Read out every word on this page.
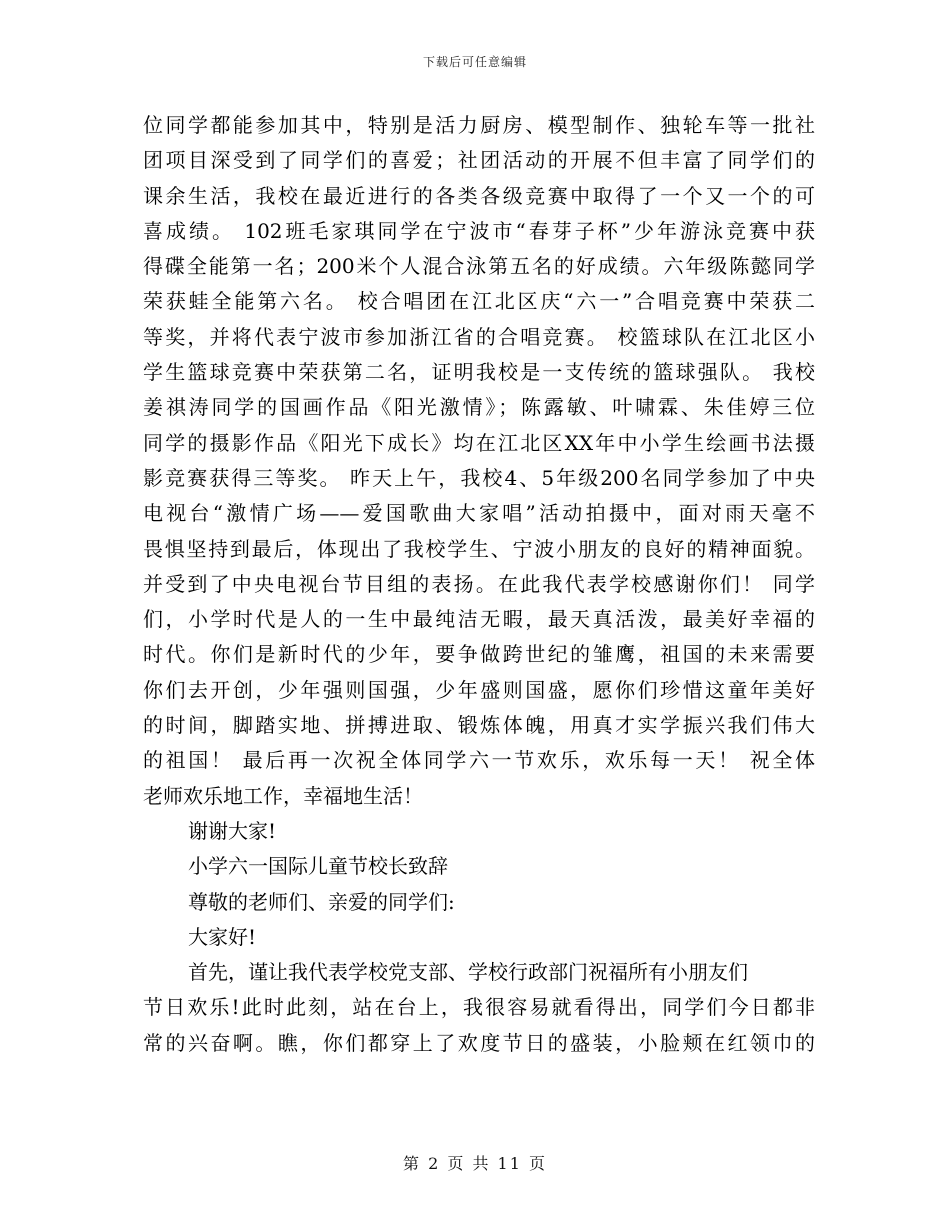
下载后可任意编辑
位同学都能参加其中，特别是活力厨房、模型制作、独轮车等一批社
团项目深受到了同学们的喜爱；社团活动的开展不但丰富了同学们的
课余生活，我校在最近进行的各类各级竞赛中取得了一个又一个的可
喜成绩。 102班毛家琪同学在宁波市“春芽子杯”少年游泳竞赛中获
得碟全能第一名；200米个人混合泳第五名的好成绩。六年级陈懿同学
荣获蛙全能第六名。 校合唱团在江北区庆“六一”合唱竞赛中荣获二
等奖，并将代表宁波市参加浙江省的合唱竞赛。 校篮球队在江北区小
学生篮球竞赛中荣获第二名，证明我校是一支传统的篮球强队。 我校
姜祺涛同学的国画作品《阳光激情》；陈露敏、叶啸霖、朱佳婷三位
同学的摄影作品《阳光下成长》均在江北区XX年中小学生绘画书法摄
影竞赛获得三等奖。 昨天上午，我校4、5年级200名同学参加了中央
电视台“激情广场——爱国歌曲大家唱”活动拍摄中，面对雨天毫不
畏惧坚持到最后，体现出了我校学生、宁波小朋友的良好的精神面貌。
并受到了中央电视台节目组的表扬。在此我代表学校感谢你们！ 同学
们，小学时代是人的一生中最纯洁无暇，最天真活泼，最美好幸福的
时代。你们是新时代的少年，要争做跨世纪的雏鹰，祖国的未来需要
你们去开创，少年强则国强，少年盛则国盛，愿你们珍惜这童年美好
的时间，脚踏实地、拼搏进取、锻炼体魄，用真才实学振兴我们伟大
的祖国！ 最后再一次祝全体同学六一节欢乐，欢乐每一天！ 祝全体
老师欢乐地工作，幸福地生活！
谢谢大家!
小学六一国际儿童节校长致辞
尊敬的老师们、亲爱的同学们:
大家好!
首先，谨让我代表学校党支部、学校行政部门祝福所有小朋友们
节日欢乐!此时此刻，站在台上，我很容易就看得出，同学们今日都非
常的兴奋啊。瞧，你们都穿上了欢度节日的盛装，小脸颊在红领巾的
第 2 页 共 11 页
